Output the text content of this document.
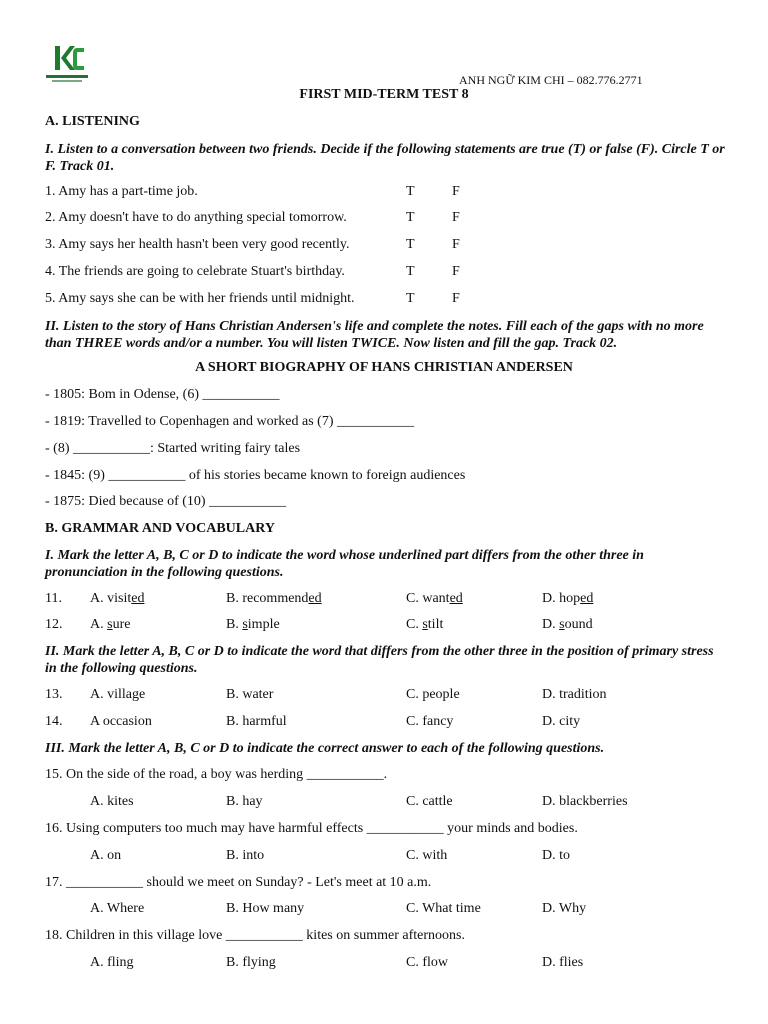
ANH NGỮ KIM CHI – 082.776.2771
FIRST MID-TERM TEST 8
A. LISTENING
I. Listen to a conversation between two friends. Decide if the following statements are true (T) or false (F). Circle T or F. Track 01.
1. Amy has a part-time job.	T	F
2. Amy doesn't have to do anything special tomorrow.	T	F
3. Amy says her health hasn't been very good recently.	T	F
4. The friends are going to celebrate Stuart's birthday.	T	F
5. Amy says she can be with her friends until midnight.	T	F
II. Listen to the story of Hans Christian Andersen's life and complete the notes. Fill each of the gaps with no more than THREE words and/or a number. You will listen TWICE. Now listen and fill the gap. Track 02.
A SHORT BIOGRAPHY OF HANS CHRISTIAN ANDERSEN
- 1805: Bom in Odense, (6) ___________
- 1819: Travelled to Copenhagen and worked as (7) ___________
- (8) ___________: Started writing fairy tales
- 1845: (9) ___________ of his stories became known to foreign audiences
- 1875: Died because of (10) ___________
B. GRAMMAR AND VOCABULARY
I. Mark the letter A, B, C or D to indicate the word whose underlined part differs from the other three in pronunciation in the following questions.
11. A. visited	B. recommended	C. wanted	D. hoped
12. A. sure	B. simple	C. stilt	D. sound
II. Mark the letter A, B, C or D to indicate the word that differs from the other three in the position of primary stress in the following questions.
13. A. village	B. water	C. people	D. tradition
14. A occasion	B. harmful	C. fancy	D. city
III. Mark the letter A, B, C or D to indicate the correct answer to each of the following questions.
15. On the side of the road, a boy was herding ___________.
A. kites	B. hay	C. cattle	D. blackberries
16. Using computers too much may have harmful effects ___________ your minds and bodies.
A. on	B. into	C. with	D. to
17. ___________ should we meet on Sunday? - Let's meet at 10 a.m.
A. Where	B. How many	C. What time	D. Why
18. Children in this village love ___________ kites on summer afternoons.
A. fling	B. flying	C. flow	D. flies
